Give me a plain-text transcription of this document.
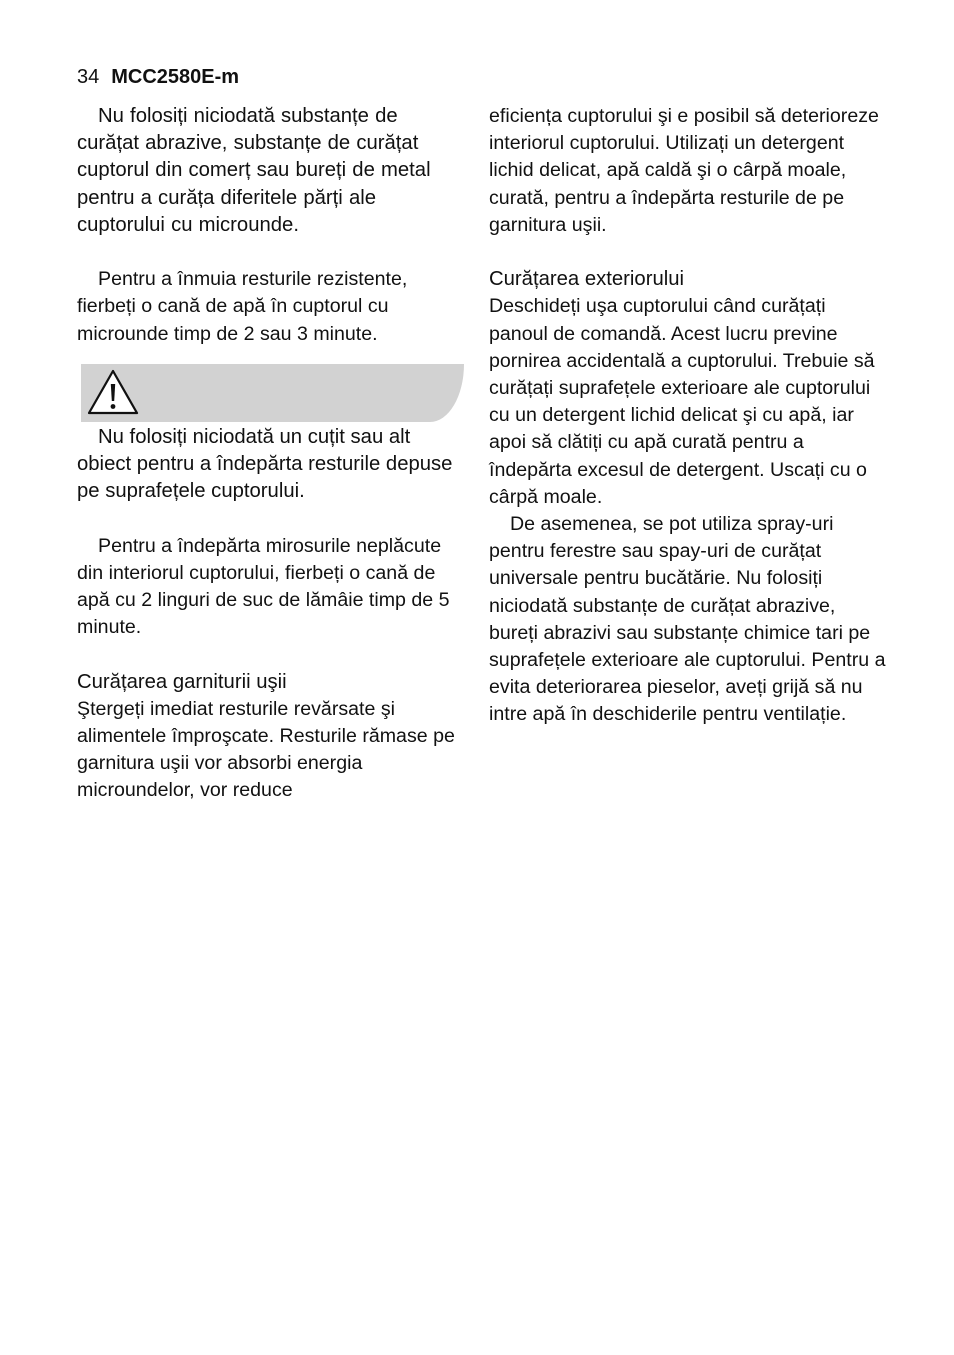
34 MCC2580E-m

Nu folosiți niciodată substanțe de curățat abrazive, substanțe de curățat cuptorul din comerț sau bureți de metal pentru a curăța diferitele părți ale cuptorului cu microunde.

Pentru a înmuia resturile rezistente, fierbeți o cană de apă în cuptorul cu microunde timp de 2 sau 3 minute.

Nu folosiți niciodată un cuțit sau alt obiect pentru a îndepărta resturile depuse pe suprafețele cuptorului.

Pentru a îndepărta mirosurile neplăcute din interiorul cuptorului, fierbeți o cană de apă cu 2 linguri de suc de lămâie timp de 5 minute.

Curățarea garniturii uşii

Ştergeți imediat resturile revărsate şi alimentele împroşcate. Resturile rămase pe garnitura uşii vor absorbi energia microundelor, vor reduce

eficiența cuptorului şi e posibil să deterioreze interiorul cuptorului. Utilizați un detergent lichid delicat, apă caldă şi o cârpă moale, curată, pentru a îndepărta resturile de pe garnitura uşii.

Curățarea exteriorului

Deschideți uşa cuptorului când curățați panoul de comandă. Acest lucru previne pornirea accidentală a cuptorului. Trebuie să curățați suprafețele exterioare ale cuptorului cu un detergent lichid delicat şi cu apă, iar apoi să clătiți cu apă curată pentru a îndepărta excesul de detergent. Uscați cu o cârpă moale.

De asemenea, se pot utiliza spray-uri pentru ferestre sau spay-uri de curățat universale pentru bucătărie. Nu folosiți niciodată substanțe de curățat abrazive, bureți abrazivi sau substanțe chimice tari pe suprafețele exterioare ale cuptorului. Pentru a evita deteriorarea pieselor, aveți grijă să nu intre apă în deschiderile pentru ventilație.
